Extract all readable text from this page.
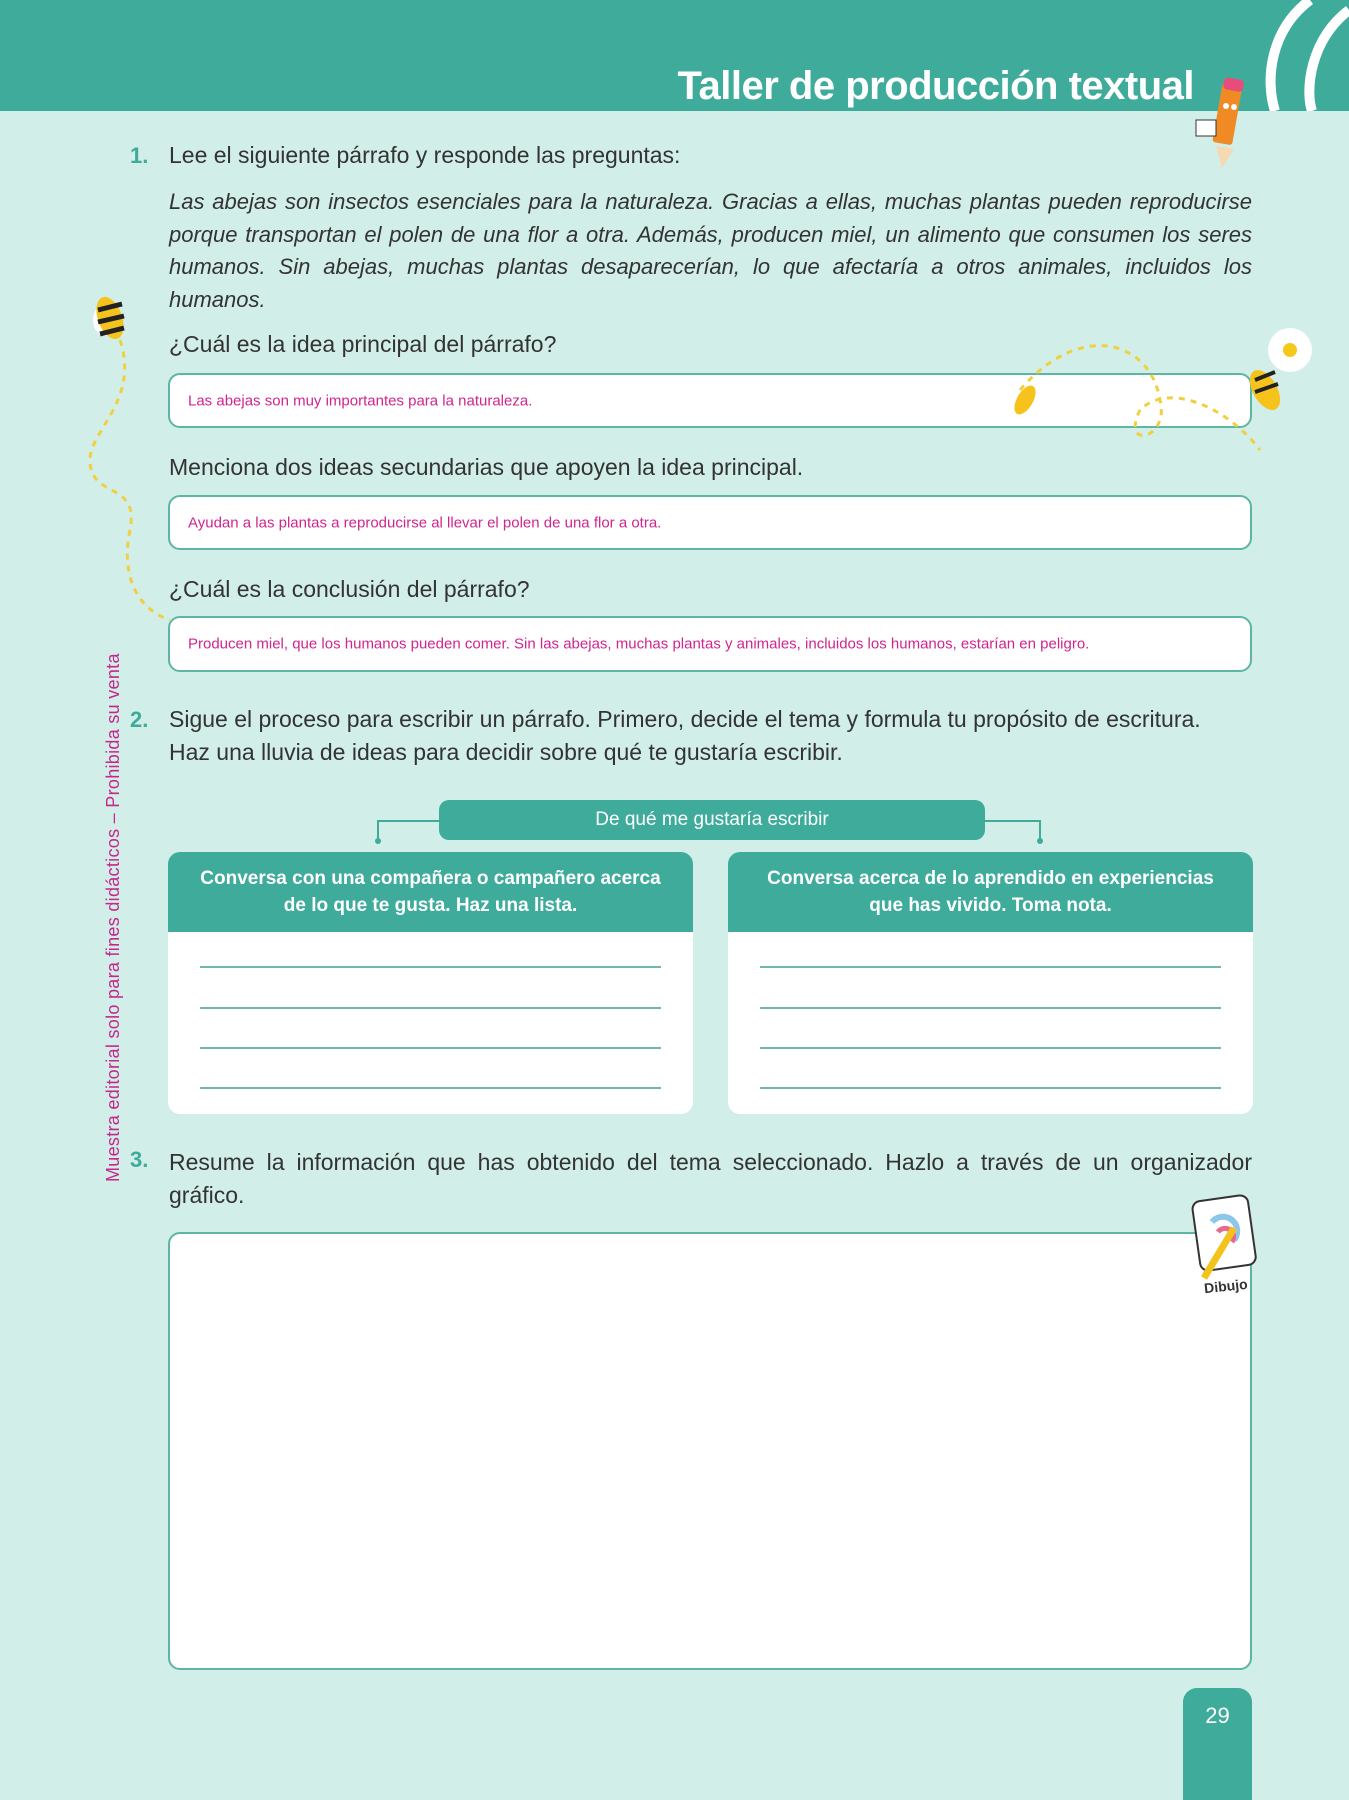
Taller de producción textual
1. Lee el siguiente párrafo y responde las preguntas:
Las abejas son insectos esenciales para la naturaleza. Gracias a ellas, muchas plantas pueden reproducirse porque transportan el polen de una flor a otra. Además, producen miel, un alimento que consumen los seres humanos. Sin abejas, muchas plantas desaparecerían, lo que afectaría a otros animales, incluidos los humanos.
¿Cuál es la idea principal del párrafo?
Las abejas son muy importantes para la naturaleza.
Menciona dos ideas secundarias que apoyen la idea principal.
Ayudan a las plantas a reproducirse al llevar el polen de una flor a otra.
¿Cuál es la conclusión del párrafo?
Producen miel, que los humanos pueden comer. Sin las abejas, muchas plantas y animales, incluidos los humanos, estarían en peligro.
2. Sigue el proceso para escribir un párrafo. Primero, decide el tema y formula tu propósito de escritura.
Haz una lluvia de ideas para decidir sobre qué te gustaría escribir.
De qué me gustaría escribir
Conversa con una compañera o campañero acerca de lo que te gusta. Haz una lista.
Conversa acerca de lo aprendido en experiencias que has vivido. Toma nota.
3. Resume la información que has obtenido del tema seleccionado. Hazlo a través de un organizador gráfico.
Dibujo
Muestra editorial solo para fines didácticos – Prohibida su venta
29
